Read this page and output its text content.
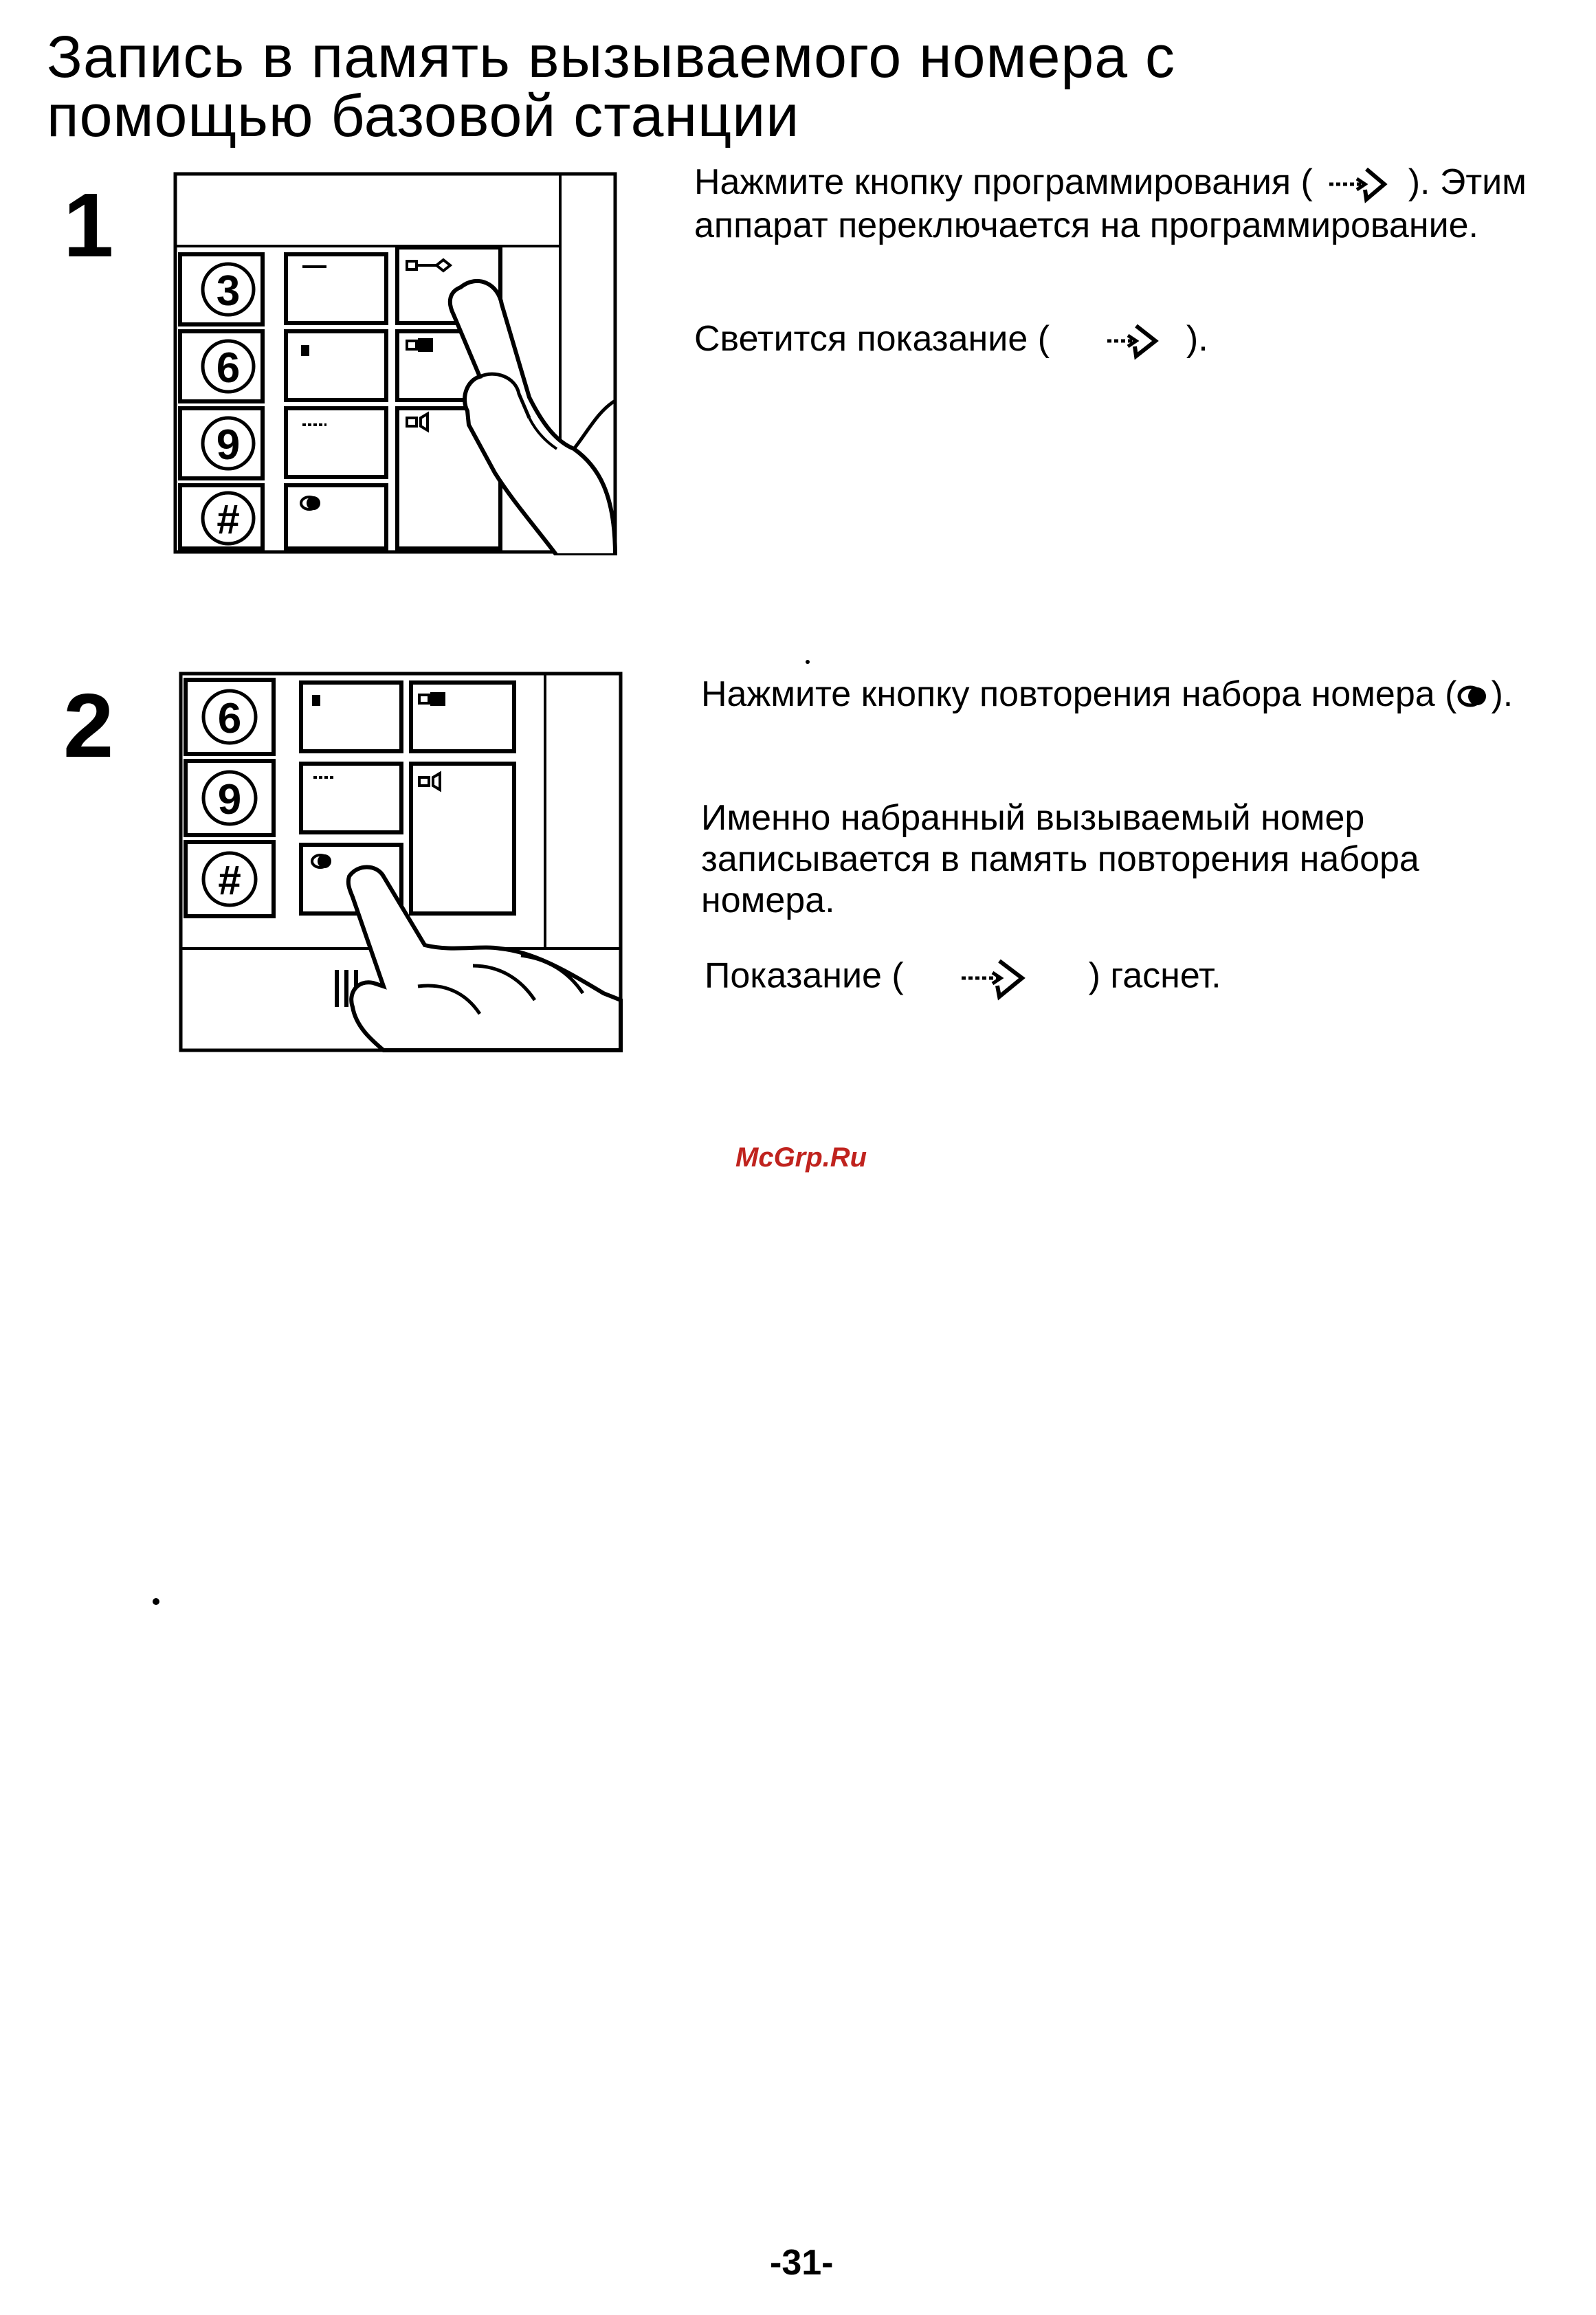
Запись в память вызываемого номера с
помощью базовой станции
1
3
6
9
#

Нажмите кнопку программирования (	). Этим аппарат переключается на программирование.

Светится показание (	).

2 6
9
#

Нажмите кнопку повторения набора номера ( ).

Именно набранный вызываемый номер записывается в память повторения набора номера.

Показание (	) гаснет.

McGrp.Ru
-31-
